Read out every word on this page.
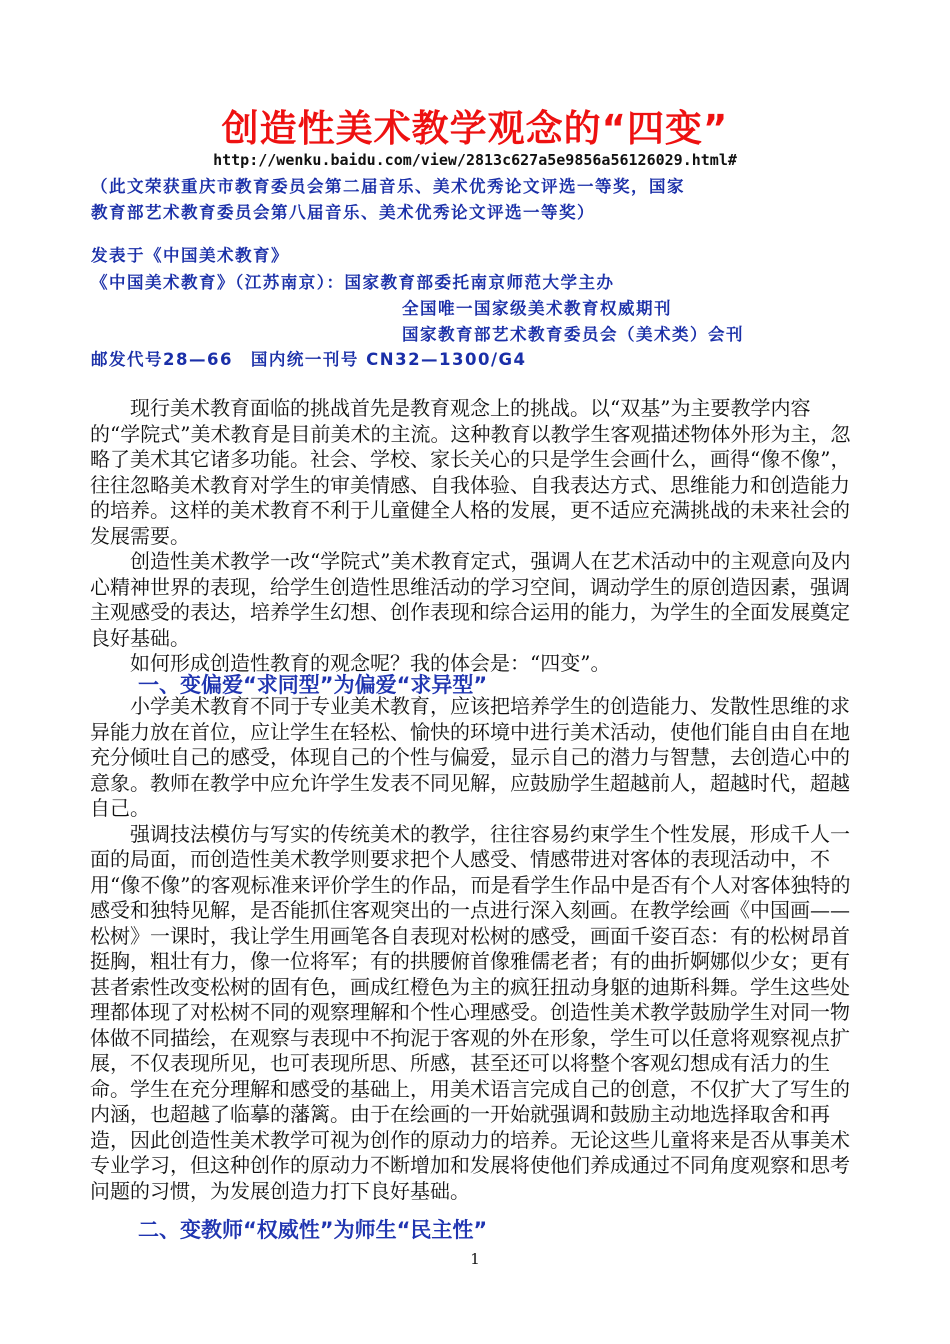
创造性美术教学观念的“四变”
http://wenku.baidu.com/view/2813c627a5e9856a56126029.html#
（此文荣获重庆市教育委员会第二届音乐、美术优秀论文评选一等奖，国家
教育部艺术教育委员会第八届音乐、美术优秀论文评选一等奖）
发表于《中国美术教育》
《中国美术教育》（江苏南京）：国家教育部委托南京师范大学主办
全国唯一国家级美术教育权威期刊
国家教育部艺术教育委员会（美术类）会刊
邮发代号28—66　国内统一刊号 CN32—1300/G4

现行美术教育面临的挑战首先是教育观念上的挑战。以“双基”为主要教学内容的“学院式”美术教育是目前美术的主流。这种教育以教学生客观描述物体外形为主，忽略了美术其它诸多功能。社会、学校、家长关心的只是学生会画什么，画得“像不像”，往往忽略美术教育对学生的审美情感、自我体验、自我表达方式、思维能力和创造能力的培养。这样的美术教育不利于儿童健全人格的发展，更不适应充满挑战的未来社会的发展需要。

创造性美术教学一改“学院式”美术教育定式，强调人在艺术活动中的主观意向及内心精神世界的表现，给学生创造性思维活动的学习空间，调动学生的原创造因素，强调主观感受的表达，培养学生幻想、创作表现和综合运用的能力，为学生的全面发展奠定良好基础。

如何形成创造性教育的观念呢？我的体会是：“四变”。

一、变偏爱“求同型”为偏爱“求异型”

小学美术教育不同于专业美术教育，应该把培养学生的创造能力、发散性思维的求异能力放在首位，应让学生在轻松、愉快的环境中进行美术活动，使他们能自由自在地充分倾吐自己的感受，体现自己的个性与偏爱，显示自己的潜力与智慧，去创造心中的意象。教师在教学中应允许学生发表不同见解，应鼓励学生超越前人，超越时代，超越自己。

强调技法模仿与写实的传统美术的教学，往往容易约束学生个性发展，形成千人一面的局面，而创造性美术教学则要求把个人感受、情感带进对客体的表现活动中，不用“像不像”的客观标准来评价学生的作品，而是看学生作品中是否有个人对客体独特的感受和独特见解，是否能抓住客观突出的一点进行深入刻画。在教学绘画《中国画——松树》一课时，我让学生用画笔各自表现对松树的感受，画面千姿百态：有的松树昂首挺胸，粗壮有力，像一位将军；有的拱腰俯首像雅儒老者；有的曲折婀娜似少女；更有甚者索性改变松树的固有色，画成红橙色为主的疯狂扭动身躯的迪斯科舞。学生这些处理都体现了对松树不同的观察理解和个性心理感受。创造性美术教学鼓励学生对同一物体做不同描绘，在观察与表现中不拘泥于客观的外在形象，学生可以任意将观察视点扩展，不仅表现所见，也可表现所思、所感，甚至还可以将整个客观幻想成有活力的生命。学生在充分理解和感受的基础上，用美术语言完成自己的创意，不仅扩大了写生的内涵，也超越了临摹的藩篱。由于在绘画的一开始就强调和鼓励主动地选择取舍和再造，因此创造性美术教学可视为创作的原动力的培养。无论这些儿童将来是否从事美术专业学习，但这种创作的原动力不断增加和发展将使他们养成通过不同角度观察和思考问题的习惯，为发展创造力打下良好基础。

二、变教师“权威性”为师生“民主性”
1
